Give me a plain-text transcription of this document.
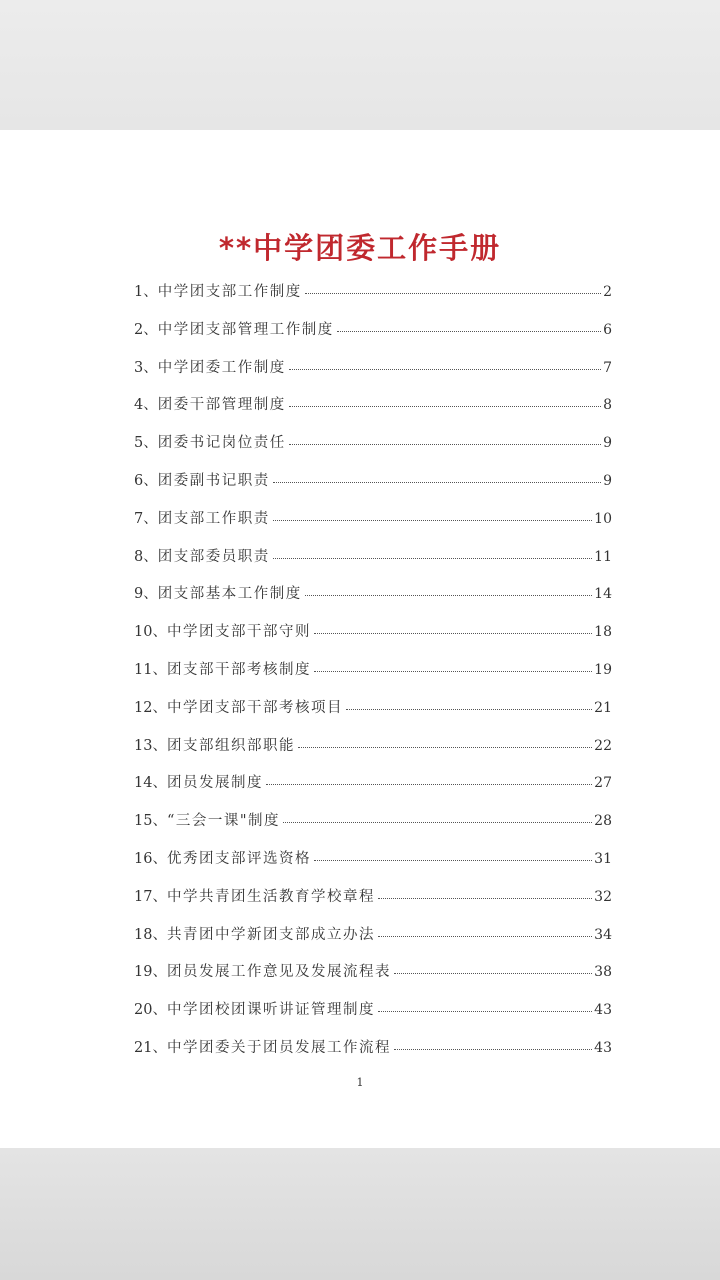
**中学团委工作手册
1、 中学团支部工作制度	2
2、 中学团支部管理工作制度	6
3、 中学团委工作制度	7
4、 团委干部管理制度	8
5、 团委书记岗位责任	9
6、 团委副书记职责	9
7、 团支部工作职责	10
8、 团支部委员职责	11
9、 团支部基本工作制度	14
10、 中学团支部干部守则	18
11、 团支部干部考核制度	19
12、 中学团支部干部考核项目	21
13、 团支部组织部职能	22
14、 团员发展制度	27
15、 “三会一课"制度	28
16、 优秀团支部评选资格	31
17、 中学共青团生活教育学校章程	32
18、 共青团中学新团支部成立办法	34
19、 团员发展工作意见及发展流程表	38
20、 中学团校团课听讲证管理制度	43
21、 中学团委关于团员发展工作流程	43
1
